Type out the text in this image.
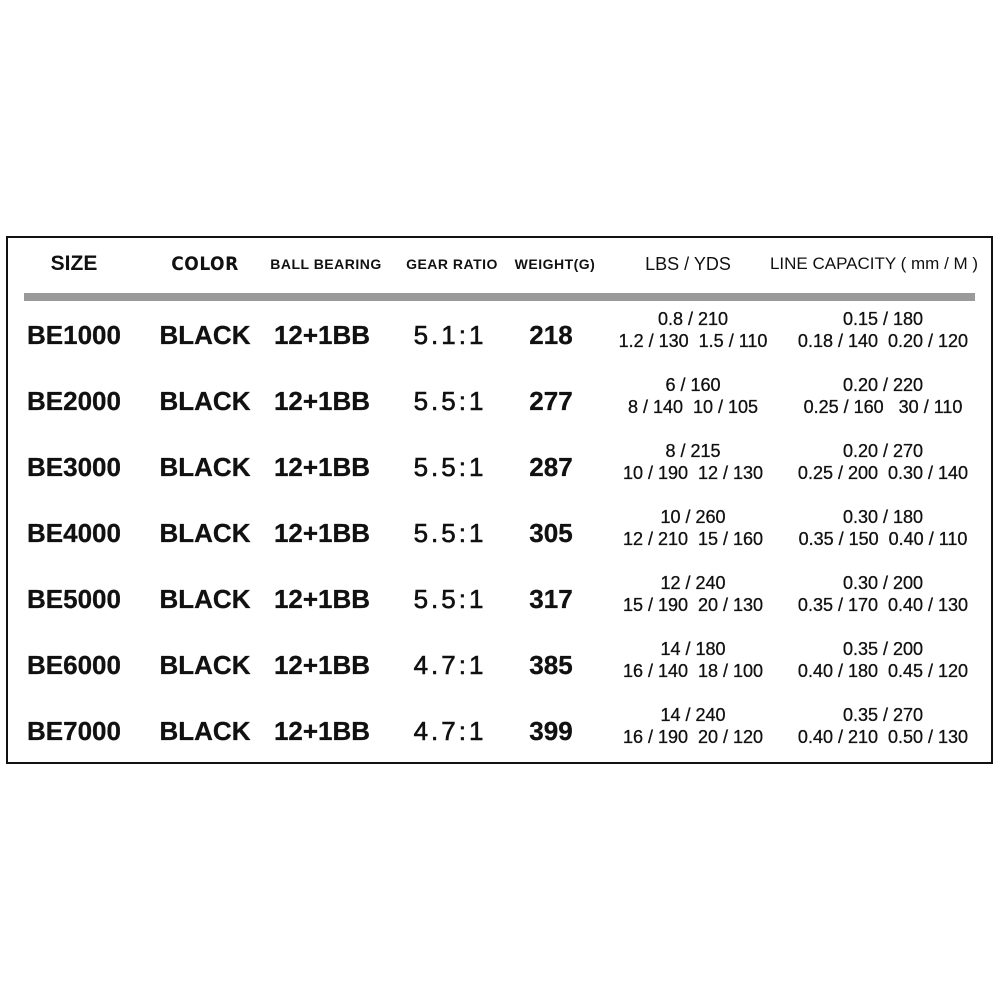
SIZE	COLOR BALL BEARING GEAR RATIO WEIGHT(G)	LBS / YDS LINE CAPACITY ( mm / M )
BE1000 BLACK 12+1BB 5.1:1 218
0.8 / 210
1.2 / 130  1.5 / 110
0.15 / 180
0.18 / 140  0.20 / 120
BE2000 BLACK 12+1BB 5.5:1 277
6 / 160
8 / 140  10 / 105
0.20 / 220
0.25 / 160   30 / 110
BE3000 BLACK 12+1BB 5.5:1 287
8 / 215
10 / 190  12 / 130
0.20 / 270
0.25 / 200  0.30 / 140
BE4000 BLACK 12+1BB 5.5:1 305
10 / 260
12 / 210  15 / 160
0.30 / 180
0.35 / 150  0.40 / 110
BE5000 BLACK 12+1BB 5.5:1 317
12 / 240
15 / 190  20 / 130
0.30 / 200
0.35 / 170  0.40 / 130
BE6000 BLACK 12+1BB 4.7:1 385
14 / 180
16 / 140  18 / 100
0.35 / 200
0.40 / 180  0.45 / 120
BE7000 BLACK 12+1BB 4.7:1 399
14 / 240
16 / 190  20 / 120
0.35 / 270
0.40 / 210  0.50 / 130
